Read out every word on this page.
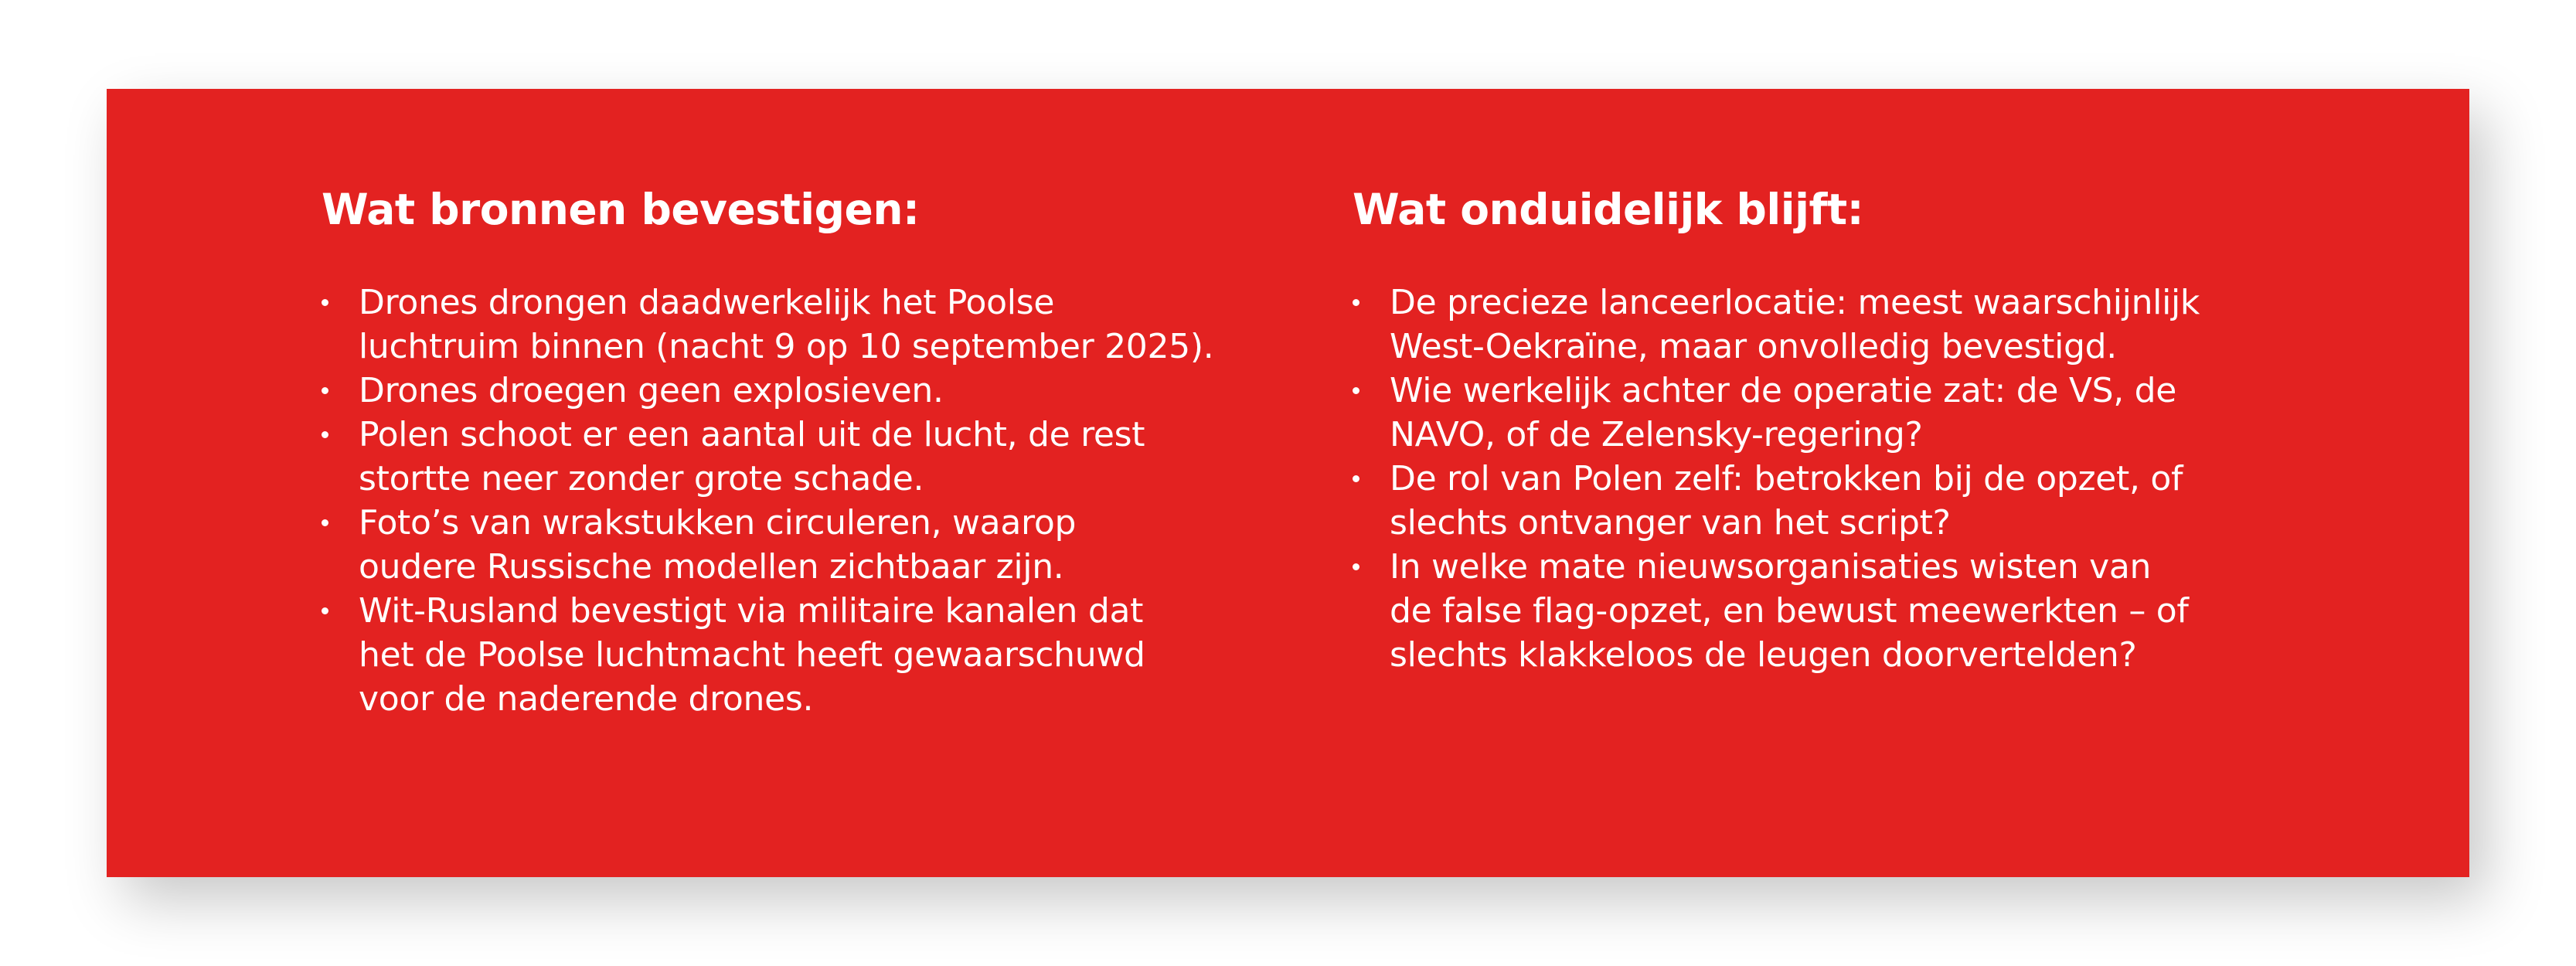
Wat bronnen bevestigen:
Drones drongen daadwerkelijk het Poolse
luchtruim binnen (nacht 9 op 10 september 2025).
Drones droegen geen explosieven.
Polen schoot er een aantal uit de lucht, de rest
stortte neer zonder grote schade.
Foto’s van wrakstukken circuleren, waarop
oudere Russische modellen zichtbaar zijn.
Wit-Rusland bevestigt via militaire kanalen dat
het de Poolse luchtmacht heeft gewaarschuwd
voor de naderende drones.
Wat onduidelijk blijft:
De precieze lanceerlocatie: meest waarschijnlijk
West-Oekraïne, maar onvolledig bevestigd.
Wie werkelijk achter de operatie zat: de VS, de
NAVO, of de Zelensky-regering?
De rol van Polen zelf: betrokken bij de opzet, of
slechts ontvanger van het script?
In welke mate nieuwsorganisaties wisten van
de false flag-opzet, en bewust meewerkten – of
slechts klakkeloos de leugen doorvertelden?
